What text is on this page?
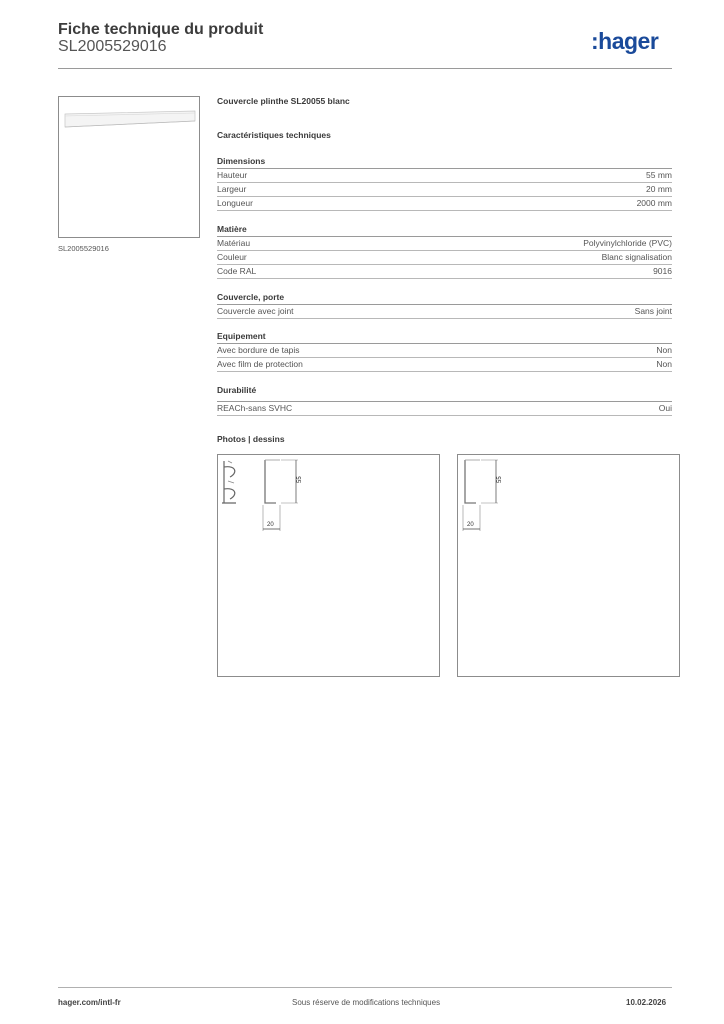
Fiche technique du produit
SL2005529016	:hager
SL2005529016
Couvercle plinthe SL20055 blanc
Caractéristiques techniques
Dimensions
Hauteur	55 mm
Largeur	20 mm
Longueur	2000 mm
Matière
Matériau	Polyvinylchloride (PVC)
Couleur	Blanc signalisation
Code RAL	9016
Couvercle, porte
Couvercle avec joint	Sans joint
Equipement
Avec bordure de tapis	Non
Avec film de protection	Non
Durabilité
REACh-sans SVHC	Oui
Photos | dessins
55
20
55
20
hager.com/intl-fr	Sous réserve de modifications techniques	10.02.2026
